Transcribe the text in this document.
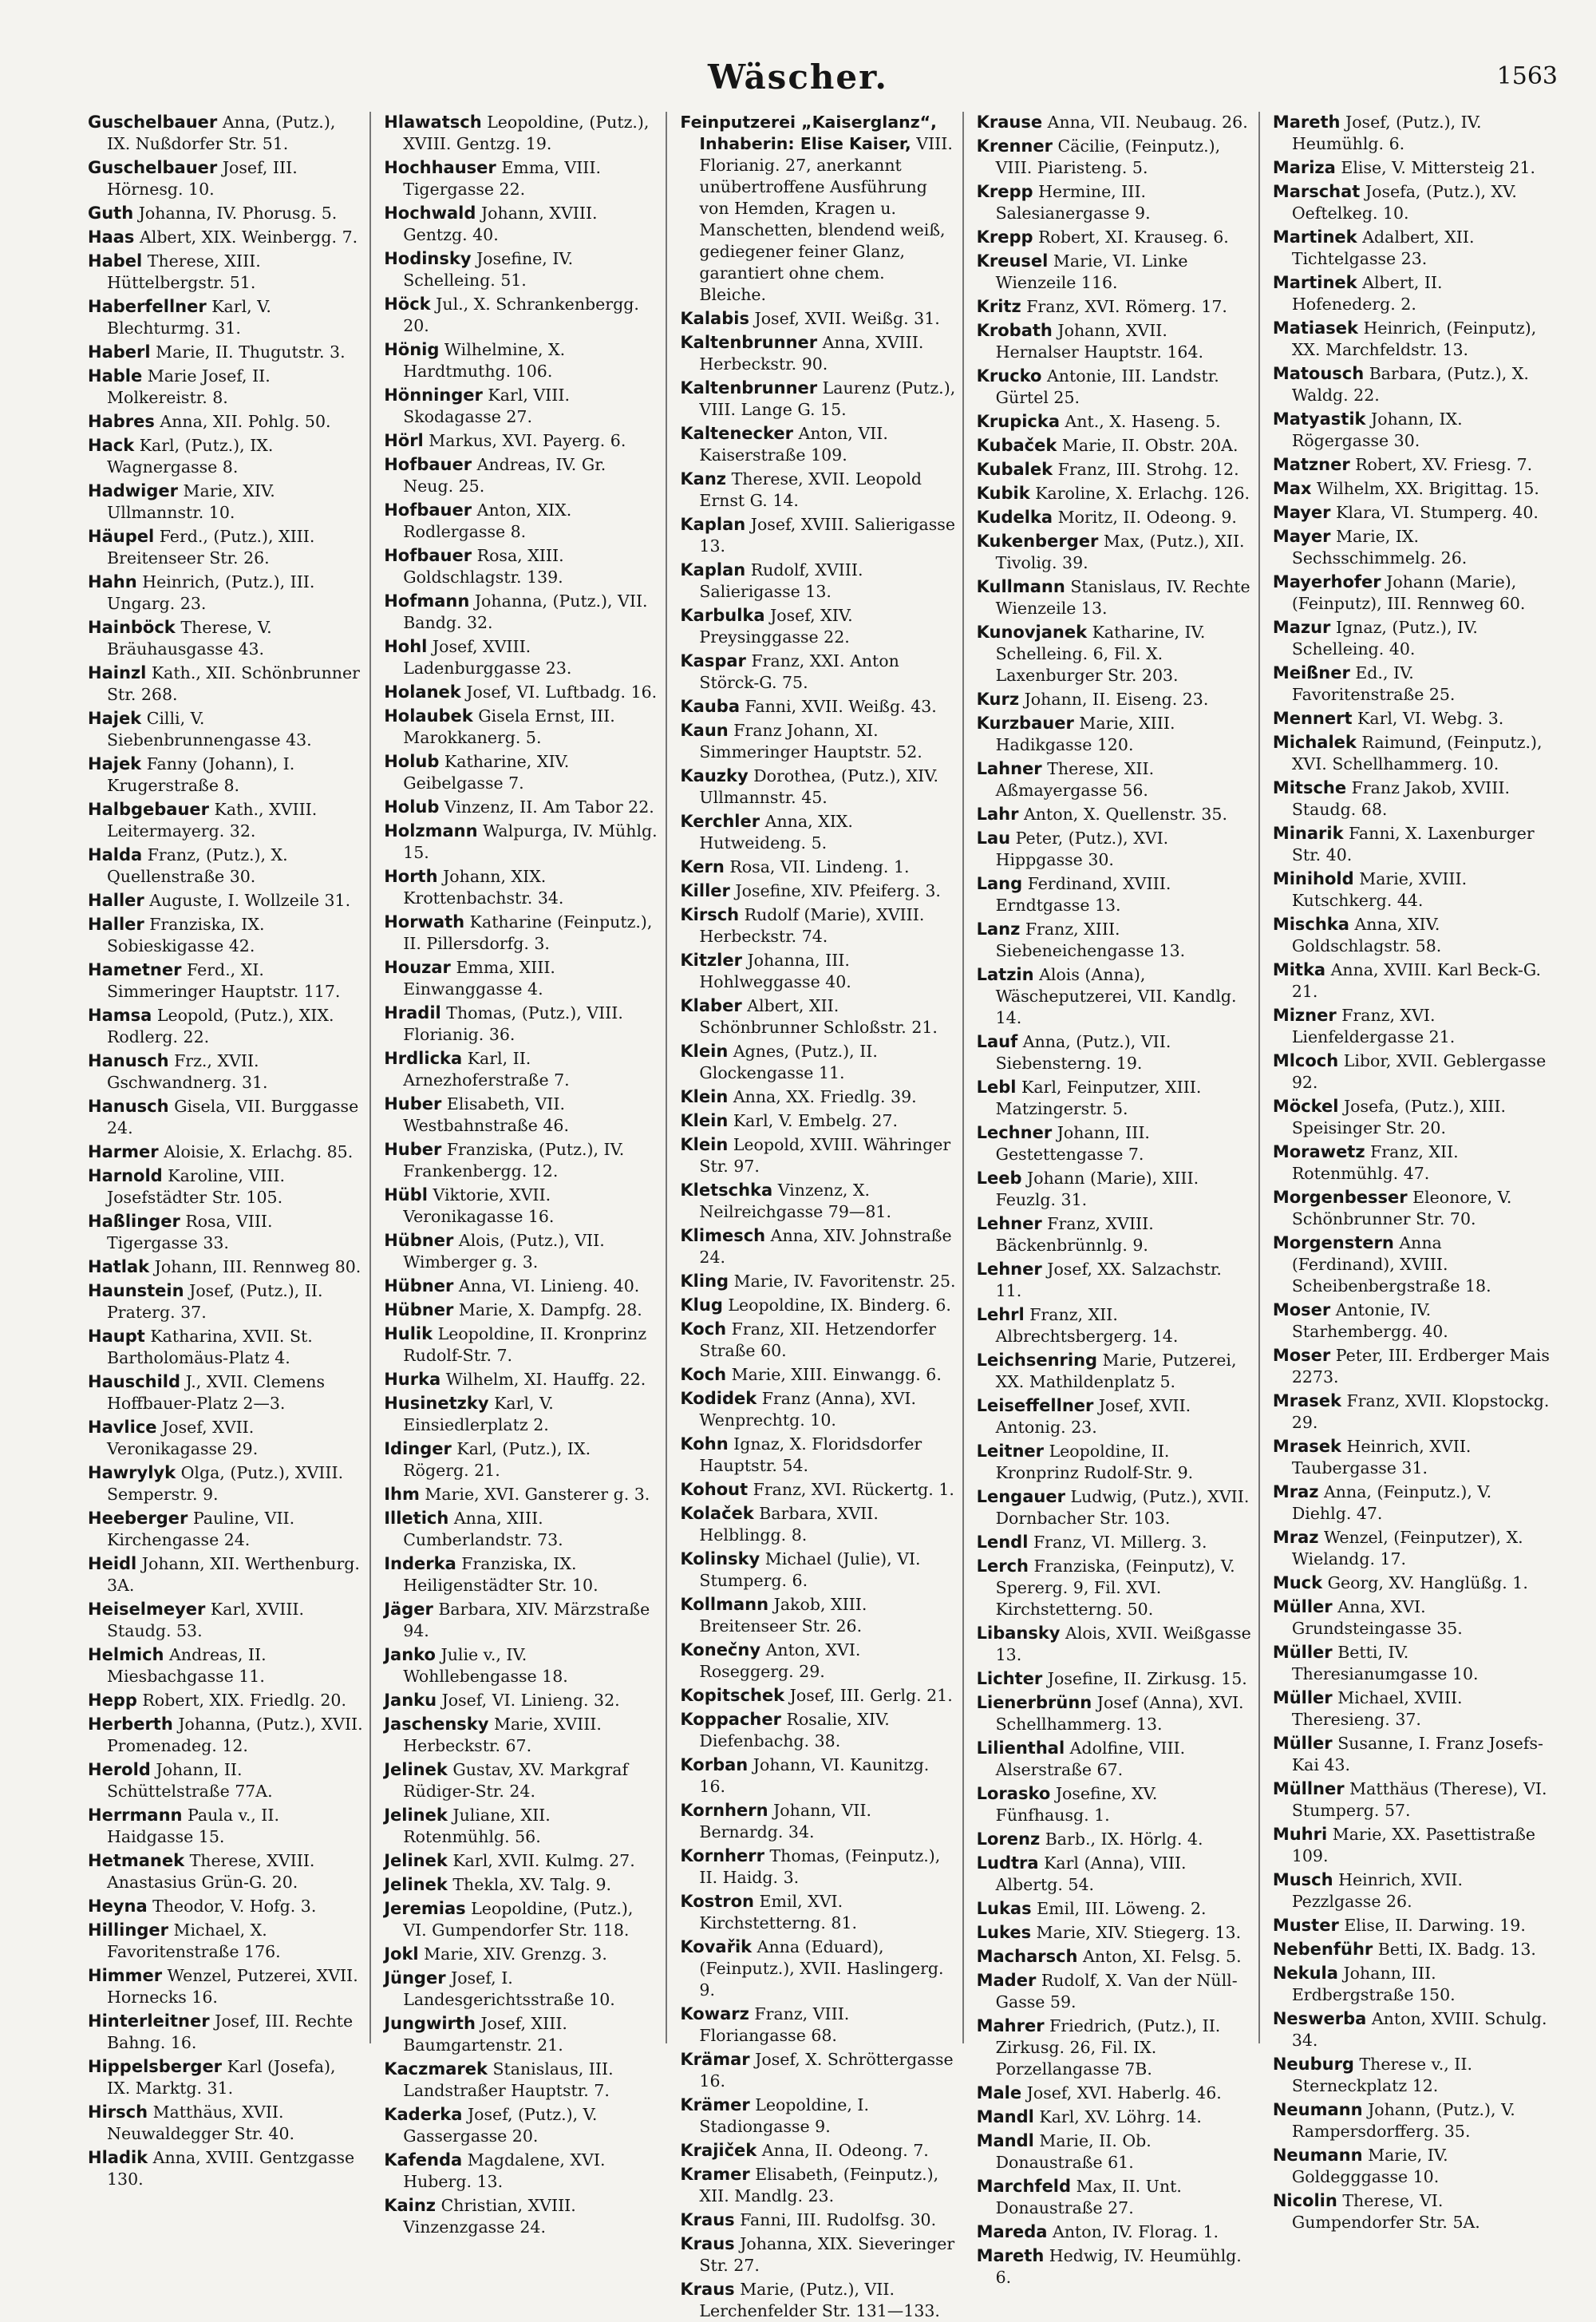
Wäscher.	1563
Guschelbauer Anna, (Putz.), IX. Nußdorfer Str. 51.
Guschelbauer Josef, III. Hörnesg. 10.
Guth Johanna, IV. Phorusg. 5.
Haas Albert, XIX. Weinbergg. 7.
Habel Therese, XIII. Hüttelbergstr. 51.
Haberfellner Karl, V. Blechturmg. 31.
Haberl Marie, II. Thugutstr. 3.
Hable Marie Josef, II. Molkereistr. 8.
Habres Anna, XII. Pohlg. 50.
Hack Karl, (Putz.), IX. Wagnergasse 8.
Hadwiger Marie, XIV. Ullmannstr. 10.
Häupel Ferd., (Putz.), XIII. Breitenseer Str. 26.
Hahn Heinrich, (Putz.), III. Ungarg. 23.
Hainböck Therese, V. Bräuhausgasse 43.
Hainzl Kath., XII. Schönbrunner Str. 268.
Hajek Cilli, V. Siebenbrunnengasse 43.
Hajek Fanny (Johann), I. Krugerstraße 8.
Halbgebauer Kath., XVIII. Leitermayerg. 32.
Halda Franz, (Putz.), X. Quellenstraße 30.
Haller Auguste, I. Wollzeile 31.
Haller Franziska, IX. Sobieskigasse 42.
Hametner Ferd., XI. Simmeringer Hauptstr. 117.
Hamsa Leopold, (Putz.), XIX. Rodlerg. 22.
Hanusch Frz., XVII. Gschwandnerg. 31.
Hanusch Gisela, VII. Burggasse 24.
Harmer Aloisie, X. Erlachg. 85.
Harnold Karoline, VIII. Josefstädter Str. 105.
Haßlinger Rosa, VIII. Tigergasse 33.
Hatlak Johann, III. Rennweg 80.
Haunstein Josef, (Putz.), II. Praterg. 37.
Haupt Katharina, XVII. St. Bartholomäus-Platz 4.
Hauschild J., XVII. Clemens Hoffbauer-Platz 2—3.
Havlice Josef, XVII. Veronikagasse 29.
Hawrylyk Olga, (Putz.), XVIII. Semperstr. 9.
Heeberger Pauline, VII. Kirchengasse 24.
Heidl Johann, XII. Werthenburg. 3A.
Heiselmeyer Karl, XVIII. Staudg. 53.
Helmich Andreas, II. Miesbachgasse 11.
Hepp Robert, XIX. Friedlg. 20.
Herberth Johanna, (Putz.), XVII. Promenadeg. 12.
Herold Johann, II. Schüttelstraße 77A.
Herrmann Paula v., II. Haidgasse 15.
Hetmanek Therese, XVIII. Anastasius Grün-G. 20.
Heyna Theodor, V. Hofg. 3.
Hillinger Michael, X. Favoritenstraße 176.
Himmer Wenzel, Putzerei, XVII. Hornecks 16.
Hinterleitner Josef, III. Rechte Bahng. 16.
Hippelsberger Karl (Josefa), IX. Marktg. 31.
Hirsch Matthäus, XVII. Neuwaldegger Str. 40.
Hladik Anna, XVIII. Gentzgasse 130.
Hlawatsch Leopoldine, (Putz.), XVIII. Gentzg. 19.
Hochhauser Emma, VIII. Tigergasse 22.
Hochwald Johann, XVIII. Gentzg. 40.
Hodinsky Josefine, IV. Schelleing. 51.
Höck Jul., X. Schrankenbergg. 20.
Hönig Wilhelmine, X. Hardtmuthg. 106.
Hönninger Karl, VIII. Skodagasse 27.
Hörl Markus, XVI. Payerg. 6.
Hofbauer Andreas, IV. Gr. Neug. 25.
Hofbauer Anton, XIX. Rodlergasse 8.
Hofbauer Rosa, XIII. Goldschlagstr. 139.
Hofmann Johanna, (Putz.), VII. Bandg. 32.
Hohl Josef, XVIII. Ladenburggasse 23.
Holanek Josef, VI. Luftbadg. 16.
Holaubek Gisela Ernst, III. Marokkanerg. 5.
Holub Katharine, XIV. Geibelgasse 7.
Holub Vinzenz, II. Am Tabor 22.
Holzmann Walpurga, IV. Mühlg. 15.
Horth Johann, XIX. Krottenbachstr. 34.
Horwath Katharine (Feinputz.), II. Pillersdorfg. 3.
Houzar Emma, XIII. Einwanggasse 4.
Hradil Thomas, (Putz.), VIII. Florianig. 36.
Hrdlicka Karl, II. Arnezhoferstraße 7.
Huber Elisabeth, VII. Westbahnstraße 46.
Huber Franziska, (Putz.), IV. Frankenbergg. 12.
Hübl Viktorie, XVII. Veronikagasse 16.
Hübner Alois, (Putz.), VII. Wimberger g. 3.
Hübner Anna, VI. Linieng. 40.
Hübner Marie, X. Dampfg. 28.
Hulik Leopoldine, II. Kronprinz Rudolf-Str. 7.
Hurka Wilhelm, XI. Hauffg. 22.
Husinetzky Karl, V. Einsiedlerplatz 2.
Idinger Karl, (Putz.), IX. Rögerg. 21.
Ihm Marie, XVI. Gansterer g. 3.
Illetich Anna, XIII. Cumberlandstr. 73.
Inderka Franziska, IX. Heiligenstädter Str. 10.
Jäger Barbara, XIV. Märzstraße 94.
Janko Julie v., IV. Wohllebengasse 18.
Janku Josef, VI. Linieng. 32.
Jaschensky Marie, XVIII. Herbeckstr. 67.
Jelinek Gustav, XV. Markgraf Rüdiger-Str. 24.
Jelinek Juliane, XII. Rotenmühlg. 56.
Jelinek Karl, XVII. Kulmg. 27.
Jelinek Thekla, XV. Talg. 9.
Jeremias Leopoldine, (Putz.), VI. Gumpendorfer Str. 118.
Jokl Marie, XIV. Grenzg. 3.
Jünger Josef, I. Landesgerichtsstraße 10.
Jungwirth Josef, XIII. Baumgartenstr. 21.
Kaczmarek Stanislaus, III. Landstraßer Hauptstr. 7.
Kaderka Josef, (Putz.), V. Gassergasse 20.
Kafenda Magdalene, XVI. Huberg. 13.
Kainz Christian, XVIII. Vinzenzgasse 24.
Feinputzerei „Kaiserglanz“, Inhaberin: Elise Kaiser, VIII. Florianig. 27, anerkannt unübertroffene Ausführung von Hemden, Kragen u. Manschetten, blendend weiß, gediegener feiner Glanz, garantiert ohne chem. Bleiche.
Kalabis Josef, XVII. Weißg. 31.
Kaltenbrunner Anna, XVIII. Herbeckstr. 90.
Kaltenbrunner Laurenz (Putz.), VIII. Lange G. 15.
Kaltenecker Anton, VII. Kaiserstraße 109.
Kanz Therese, XVII. Leopold Ernst G. 14.
Kaplan Josef, XVIII. Salierigasse 13.
Kaplan Rudolf, XVIII. Salierigasse 13.
Karbulka Josef, XIV. Preysinggasse 22.
Kaspar Franz, XXI. Anton Störck-G. 75.
Kauba Fanni, XVII. Weißg. 43.
Kaun Franz Johann, XI. Simmeringer Hauptstr. 52.
Kauzky Dorothea, (Putz.), XIV. Ullmannstr. 45.
Kerchler Anna, XIX. Hutweideng. 5.
Kern Rosa, VII. Lindeng. 1.
Killer Josefine, XIV. Pfeiferg. 3.
Kirsch Rudolf (Marie), XVIII. Herbeckstr. 74.
Kitzler Johanna, III. Hohlweggasse 40.
Klaber Albert, XII. Schönbrunner Schloßstr. 21.
Klein Agnes, (Putz.), II. Glockengasse 11.
Klein Anna, XX. Friedlg. 39.
Klein Karl, V. Embelg. 27.
Klein Leopold, XVIII. Währinger Str. 97.
Kletschka Vinzenz, X. Neilreichgasse 79—81.
Klimesch Anna, XIV. Johnstraße 24.
Kling Marie, IV. Favoritenstr. 25.
Klug Leopoldine, IX. Binderg. 6.
Koch Franz, XII. Hetzendorfer Straße 60.
Koch Marie, XIII. Einwangg. 6.
Kodidek Franz (Anna), XVI. Wenprechtg. 10.
Kohn Ignaz, X. Floridsdorfer Hauptstr. 54.
Kohout Franz, XVI. Rückertg. 1.
Kolaček Barbara, XVII. Helblingg. 8.
Kolinsky Michael (Julie), VI. Stumperg. 6.
Kollmann Jakob, XIII. Breitenseer Str. 26.
Konečny Anton, XVI. Roseggerg. 29.
Kopitschek Josef, III. Gerlg. 21.
Koppacher Rosalie, XIV. Diefenbachg. 38.
Korban Johann, VI. Kaunitzg. 16.
Kornhern Johann, VII. Bernardg. 34.
Kornherr Thomas, (Feinputz.), II. Haidg. 3.
Kostron Emil, XVI. Kirchstetterng. 81.
Kovařik Anna (Eduard), (Feinputz.), XVII. Haslingerg. 9.
Kowarz Franz, VIII. Floriangasse 68.
Krämar Josef, X. Schröttergasse 16.
Krämer Leopoldine, I. Stadiongasse 9.
Krajiček Anna, II. Odeong. 7.
Kramer Elisabeth, (Feinputz.), XII. Mandlg. 23.
Kraus Fanni, III. Rudolfsg. 30.
Kraus Johanna, XIX. Sieveringer Str. 27.
Kraus Marie, (Putz.), VII. Lerchenfelder Str. 131—133.
Krause Anna, VII. Neubaug. 26.
Krenner Cäcilie, (Feinputz.), VIII. Piaristeng. 5.
Krepp Hermine, III. Salesianergasse 9.
Krepp Robert, XI. Krauseg. 6.
Kreusel Marie, VI. Linke Wienzeile 116.
Kritz Franz, XVI. Römerg. 17.
Krobath Johann, XVII. Hernalser Hauptstr. 164.
Krucko Antonie, III. Landstr. Gürtel 25.
Krupicka Ant., X. Haseng. 5.
Kubaček Marie, II. Obstr. 20A.
Kubalek Franz, III. Strohg. 12.
Kubik Karoline, X. Erlachg. 126.
Kudelka Moritz, II. Odeong. 9.
Kukenberger Max, (Putz.), XII. Tivolig. 39.
Kullmann Stanislaus, IV. Rechte Wienzeile 13.
Kunovjanek Katharine, IV. Schelleing. 6, Fil. X. Laxenburger Str. 203.
Kurz Johann, II. Eiseng. 23.
Kurzbauer Marie, XIII. Hadikgasse 120.
Lahner Therese, XII. Aßmayergasse 56.
Lahr Anton, X. Quellenstr. 35.
Lau Peter, (Putz.), XVI. Hippgasse 30.
Lang Ferdinand, XVIII. Erndtgasse 13.
Lanz Franz, XIII. Siebeneichengasse 13.
Latzin Alois (Anna), Wäscheputzerei, VII. Kandlg. 14.
Lauf Anna, (Putz.), VII. Siebensterng. 19.
Lebl Karl, Feinputzer, XIII. Matzingerstr. 5.
Lechner Johann, III. Gestettengasse 7.
Leeb Johann (Marie), XIII. Feuzlg. 31.
Lehner Franz, XVIII. Bäckenbrünnlg. 9.
Lehner Josef, XX. Salzachstr. 11.
Lehrl Franz, XII. Albrechtsbergerg. 14.
Leichsenring Marie, Putzerei, XX. Mathildenplatz 5.
Leiseffellner Josef, XVII. Antonig. 23.
Leitner Leopoldine, II. Kronprinz Rudolf-Str. 9.
Lengauer Ludwig, (Putz.), XVII. Dornbacher Str. 103.
Lendl Franz, VI. Millerg. 3.
Lerch Franziska, (Feinputz), V. Spererg. 9, Fil. XVI. Kirchstetterng. 50.
Libansky Alois, XVII. Weißgasse 13.
Lichter Josefine, II. Zirkusg. 15.
Lienerbrünn Josef (Anna), XVI. Schellhammerg. 13.
Lilienthal Adolfine, VIII. Alserstraße 67.
Lorasko Josefine, XV. Fünfhausg. 1.
Lorenz Barb., IX. Hörlg. 4.
Ludtra Karl (Anna), VIII. Albertg. 54.
Lukas Emil, III. Löweng. 2.
Lukes Marie, XIV. Stiegerg. 13.
Macharsch Anton, XI. Felsg. 5.
Mader Rudolf, X. Van der Nüll-Gasse 59.
Mahrer Friedrich, (Putz.), II. Zirkusg. 26, Fil. IX. Porzellangasse 7B.
Male Josef, XVI. Haberlg. 46.
Mandl Karl, XV. Löhrg. 14.
Mandl Marie, II. Ob. Donaustraße 61.
Marchfeld Max, II. Unt. Donaustraße 27.
Mareda Anton, IV. Florag. 1.
Mareth Hedwig, IV. Heumühlg. 6.
Mareth Josef, (Putz.), IV. Heumühlg. 6.
Mariza Elise, V. Mittersteig 21.
Marschat Josefa, (Putz.), XV. Oeftelkeg. 10.
Martinek Adalbert, XII. Tichtelgasse 23.
Martinek Albert, II. Hofenederg. 2.
Matiasek Heinrich, (Feinputz), XX. Marchfeldstr. 13.
Matousch Barbara, (Putz.), X. Waldg. 22.
Matyastik Johann, IX. Rögergasse 30.
Matzner Robert, XV. Friesg. 7.
Max Wilhelm, XX. Brigittag. 15.
Mayer Klara, VI. Stumperg. 40.
Mayer Marie, IX. Sechsschimmelg. 26.
Mayerhofer Johann (Marie), (Feinputz), III. Rennweg 60.
Mazur Ignaz, (Putz.), IV. Schelleing. 40.
Meißner Ed., IV. Favoritenstraße 25.
Mennert Karl, VI. Webg. 3.
Michalek Raimund, (Feinputz.), XVI. Schellhammerg. 10.
Mitsche Franz Jakob, XVIII. Staudg. 68.
Minarik Fanni, X. Laxenburger Str. 40.
Minihold Marie, XVIII. Kutschkerg. 44.
Mischka Anna, XIV. Goldschlagstr. 58.
Mitka Anna, XVIII. Karl Beck-G. 21.
Mizner Franz, XVI. Lienfeldergasse 21.
Mlcoch Libor, XVII. Geblergasse 92.
Möckel Josefa, (Putz.), XIII. Speisinger Str. 20.
Morawetz Franz, XII. Rotenmühlg. 47.
Morgenbesser Eleonore, V. Schönbrunner Str. 70.
Morgenstern Anna (Ferdinand), XVIII. Scheibenbergstraße 18.
Moser Antonie, IV. Starhembergg. 40.
Moser Peter, III. Erdberger Mais 2273.
Mrasek Franz, XVII. Klopstockg. 29.
Mrasek Heinrich, XVII. Taubergasse 31.
Mraz Anna, (Feinputz.), V. Diehlg. 47.
Mraz Wenzel, (Feinputzer), X. Wielandg. 17.
Muck Georg, XV. Hanglüßg. 1.
Müller Anna, XVI. Grundsteingasse 35.
Müller Betti, IV. Theresianumgasse 10.
Müller Michael, XVIII. Theresieng. 37.
Müller Susanne, I. Franz Josefs-Kai 43.
Müllner Matthäus (Therese), VI. Stumperg. 57.
Muhri Marie, XX. Pasettistraße 109.
Musch Heinrich, XVII. Pezzlgasse 26.
Muster Elise, II. Darwing. 19.
Nebenführ Betti, IX. Badg. 13.
Nekula Johann, III. Erdbergstraße 150.
Neswerba Anton, XVIII. Schulg. 34.
Neuburg Therese v., II. Sterneckplatz 12.
Neumann Johann, (Putz.), V. Rampersdorfferg. 35.
Neumann Marie, IV. Goldegggasse 10.
Nicolin Therese, VI. Gumpendorfer Str. 5A.
